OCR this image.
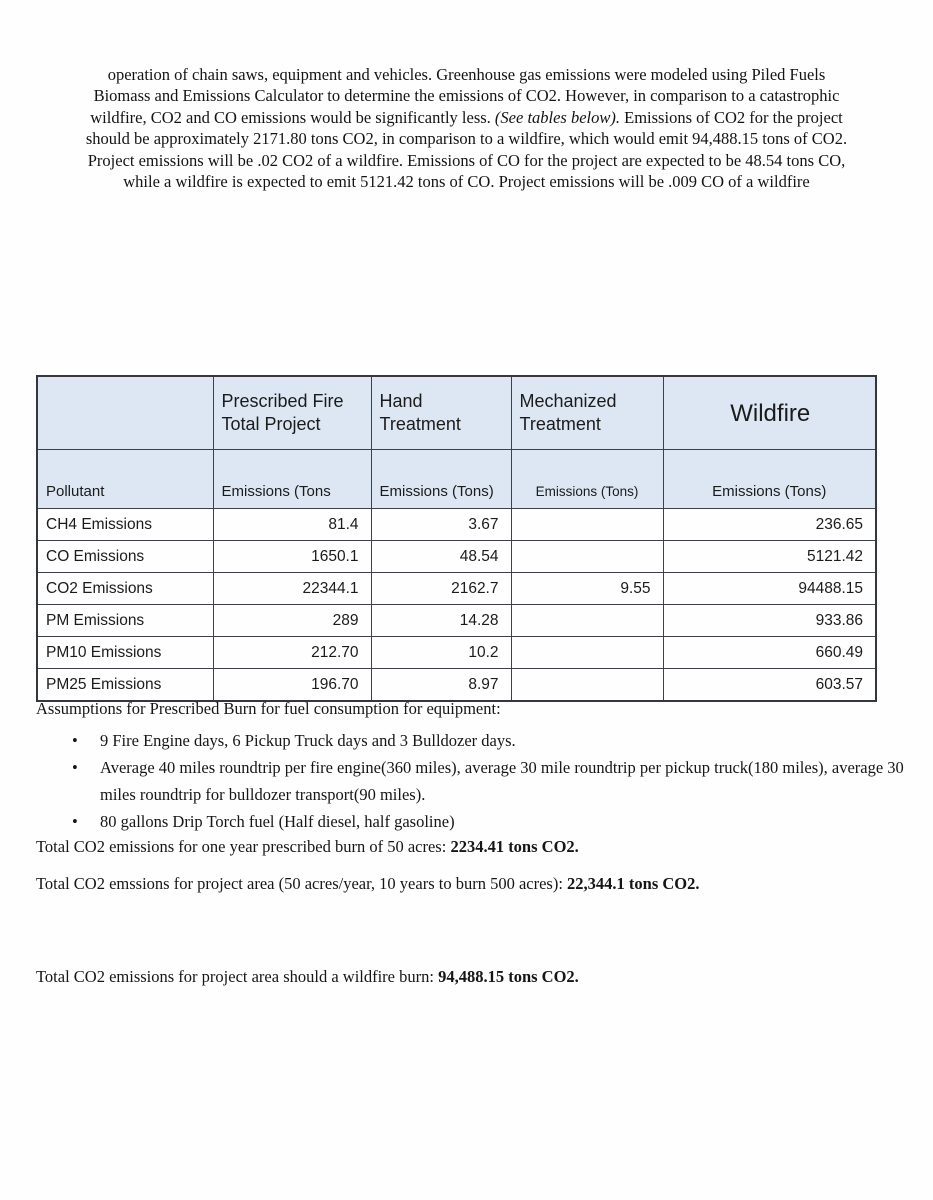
operation of chain saws, equipment and vehicles. Greenhouse gas emissions were modeled using Piled Fuels
Biomass and Emissions Calculator to determine the emissions of CO2. However, in comparison to a catastrophic
wildfire, CO2 and CO emissions would be significantly less. (See tables below). Emissions of CO2 for the project
should be approximately 2171.80 tons CO2, in comparison to a wildfire, which would emit 94,488.15 tons of CO2.
Project emissions will be .02 CO2 of a wildfire. Emissions of CO for the project are expected to be 48.54 tons CO,
while a wildfire is expected to emit 5121.42 tons of CO. Project emissions will be .009 CO of a wildfire
	Prescribed Fire Total Project	Hand Treatment	Mechanized Treatment	Wildfire
Pollutant	Emissions (Tons	Emissions (Tons)	Emissions (Tons)	Emissions (Tons)
CH4 Emissions	81.4	3.67		236.65
CO Emissions	1650.1	48.54		5121.42
CO2 Emissions	22344.1	2162.7	9.55	94488.15
PM Emissions	289	14.28		933.86
PM10 Emissions	212.70	10.2		660.49
PM25 Emissions	196.70	8.97		603.57
Assumptions for Prescribed Burn for fuel consumption for equipment:
•	9 Fire Engine days, 6 Pickup Truck days and 3 Bulldozer days.
•	Average 40 miles roundtrip per fire engine(360 miles), average 30 mile roundtrip per pickup truck(180 miles), average 30 miles roundtrip for bulldozer transport(90 miles).
•	80 gallons Drip Torch fuel (Half diesel, half gasoline)
Total CO2 emissions for one year prescribed burn of 50 acres: 2234.41 tons CO2.
Total CO2 emssions for project area (50 acres/year, 10 years to burn 500 acres): 22,344.1 tons CO2.
Total CO2 emissions for project area should a wildfire burn: 94,488.15 tons CO2.
